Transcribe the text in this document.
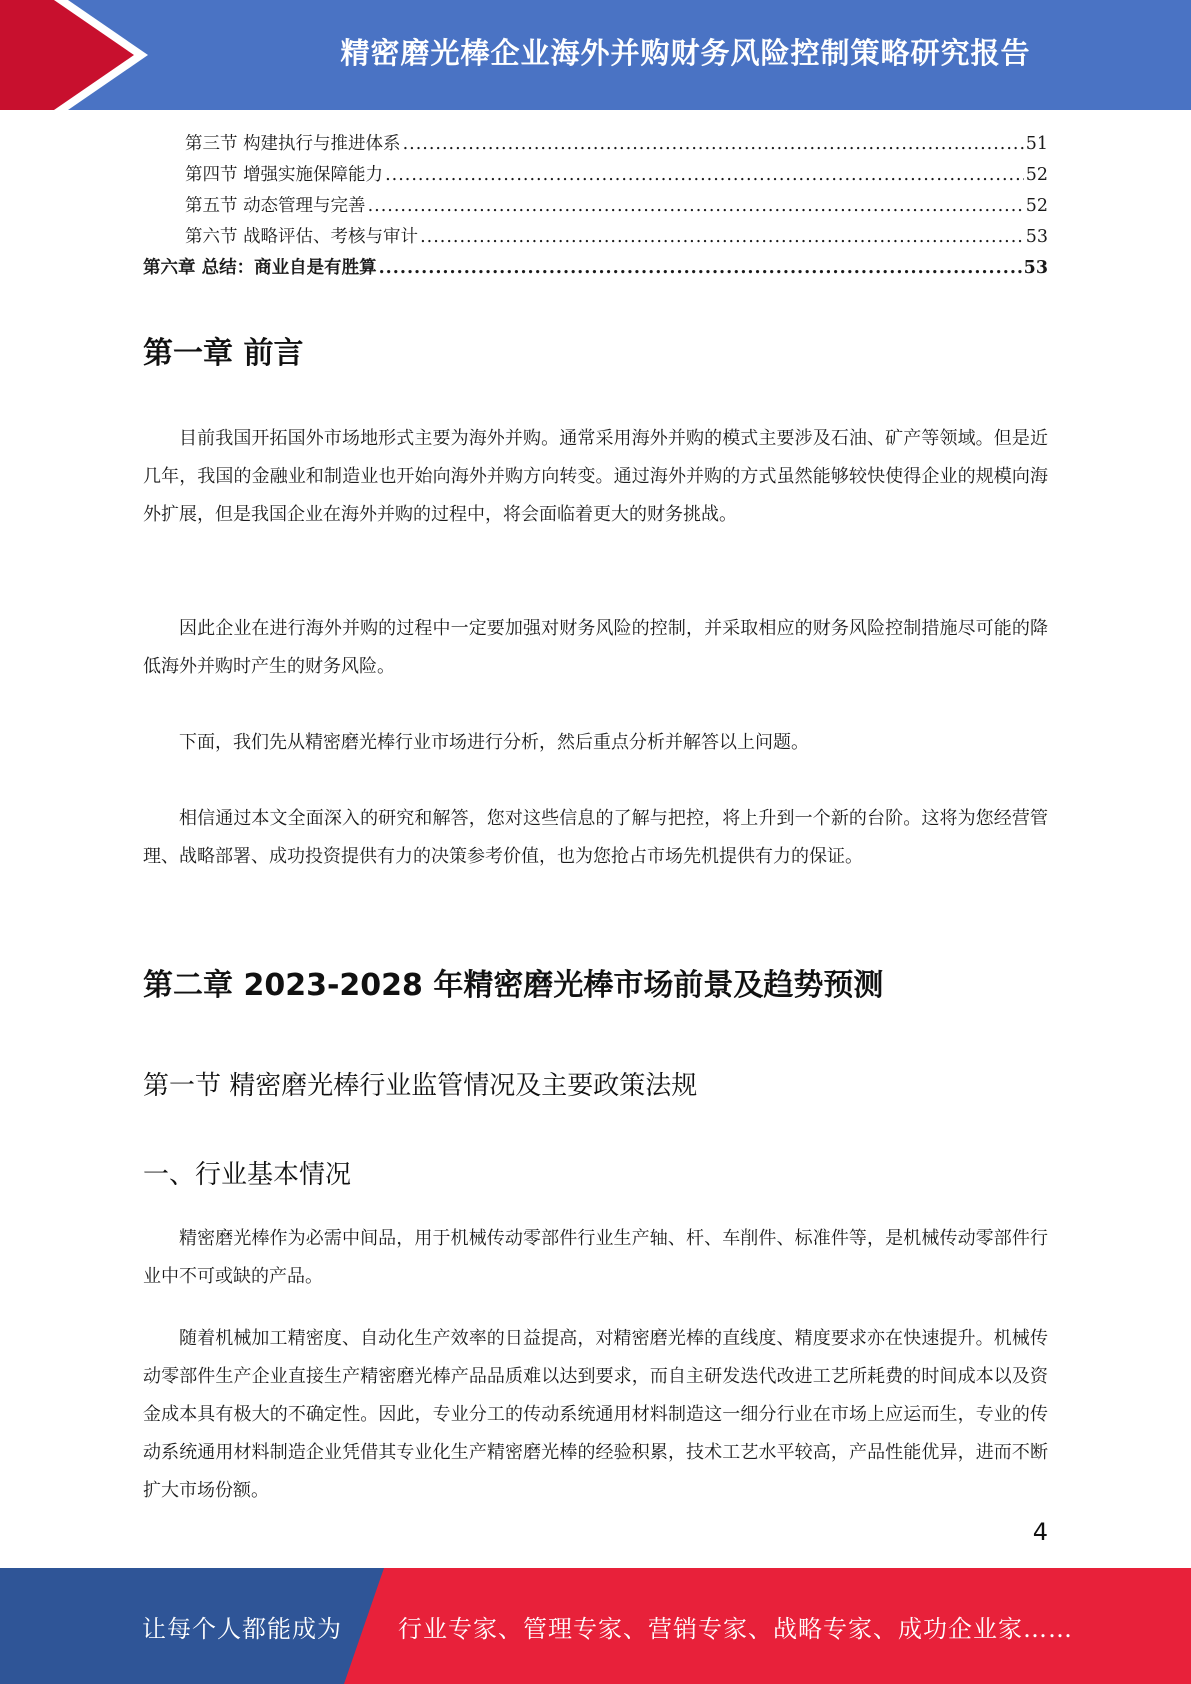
精密磨光棒企业海外并购财务风险控制策略研究报告
第三节 构建执行与推进体系 .....	51
第四节 增强实施保障能力 .....	52
第五节 动态管理与完善 .....	52
第六节 战略评估、考核与审计 .....	53
第六章 总结：商业自是有胜算 .....	53
第一章 前言

目前我国开拓国外市场地形式主要为海外并购。通常采用海外并购的模式主要涉及石油、矿产等领域。但是近几年，我国的金融业和制造业也开始向海外并购方向转变。通过海外并购的方式虽然能够较快使得企业的规模向海外扩展，但是我国企业在海外并购的过程中，将会面临着更大的财务挑战。

因此企业在进行海外并购的过程中一定要加强对财务风险的控制，并采取相应的财务风险控制措施尽可能的降低海外并购时产生的财务风险。

下面，我们先从精密磨光棒行业市场进行分析，然后重点分析并解答以上问题。

相信通过本文全面深入的研究和解答，您对这些信息的了解与把控，将上升到一个新的台阶。这将为您经营管理、战略部署、成功投资提供有力的决策参考价值，也为您抢占市场先机提供有力的保证。

第二章 2023-2028 年精密磨光棒市场前景及趋势预测
第一节 精密磨光棒行业监管情况及主要政策法规
一、行业基本情况

精密磨光棒作为必需中间品，用于机械传动零部件行业生产轴、杆、车削件、标准件等，是机械传动零部件行业中不可或缺的产品。

随着机械加工精密度、自动化生产效率的日益提高，对精密磨光棒的直线度、精度要求亦在快速提升。机械传动零部件生产企业直接生产精密磨光棒产品品质难以达到要求，而自主研发迭代改进工艺所耗费的时间成本以及资金成本具有极大的不确定性。因此，专业分工的传动系统通用材料制造这一细分行业在市场上应运而生，专业的传动系统通用材料制造企业凭借其专业化生产精密磨光棒的经验积累，技术工艺水平较高，产品性能优异，进而不断扩大市场份额。

4
让每个人都能成为 行业专家、管理专家、营销专家、战略专家、成功企业家……
